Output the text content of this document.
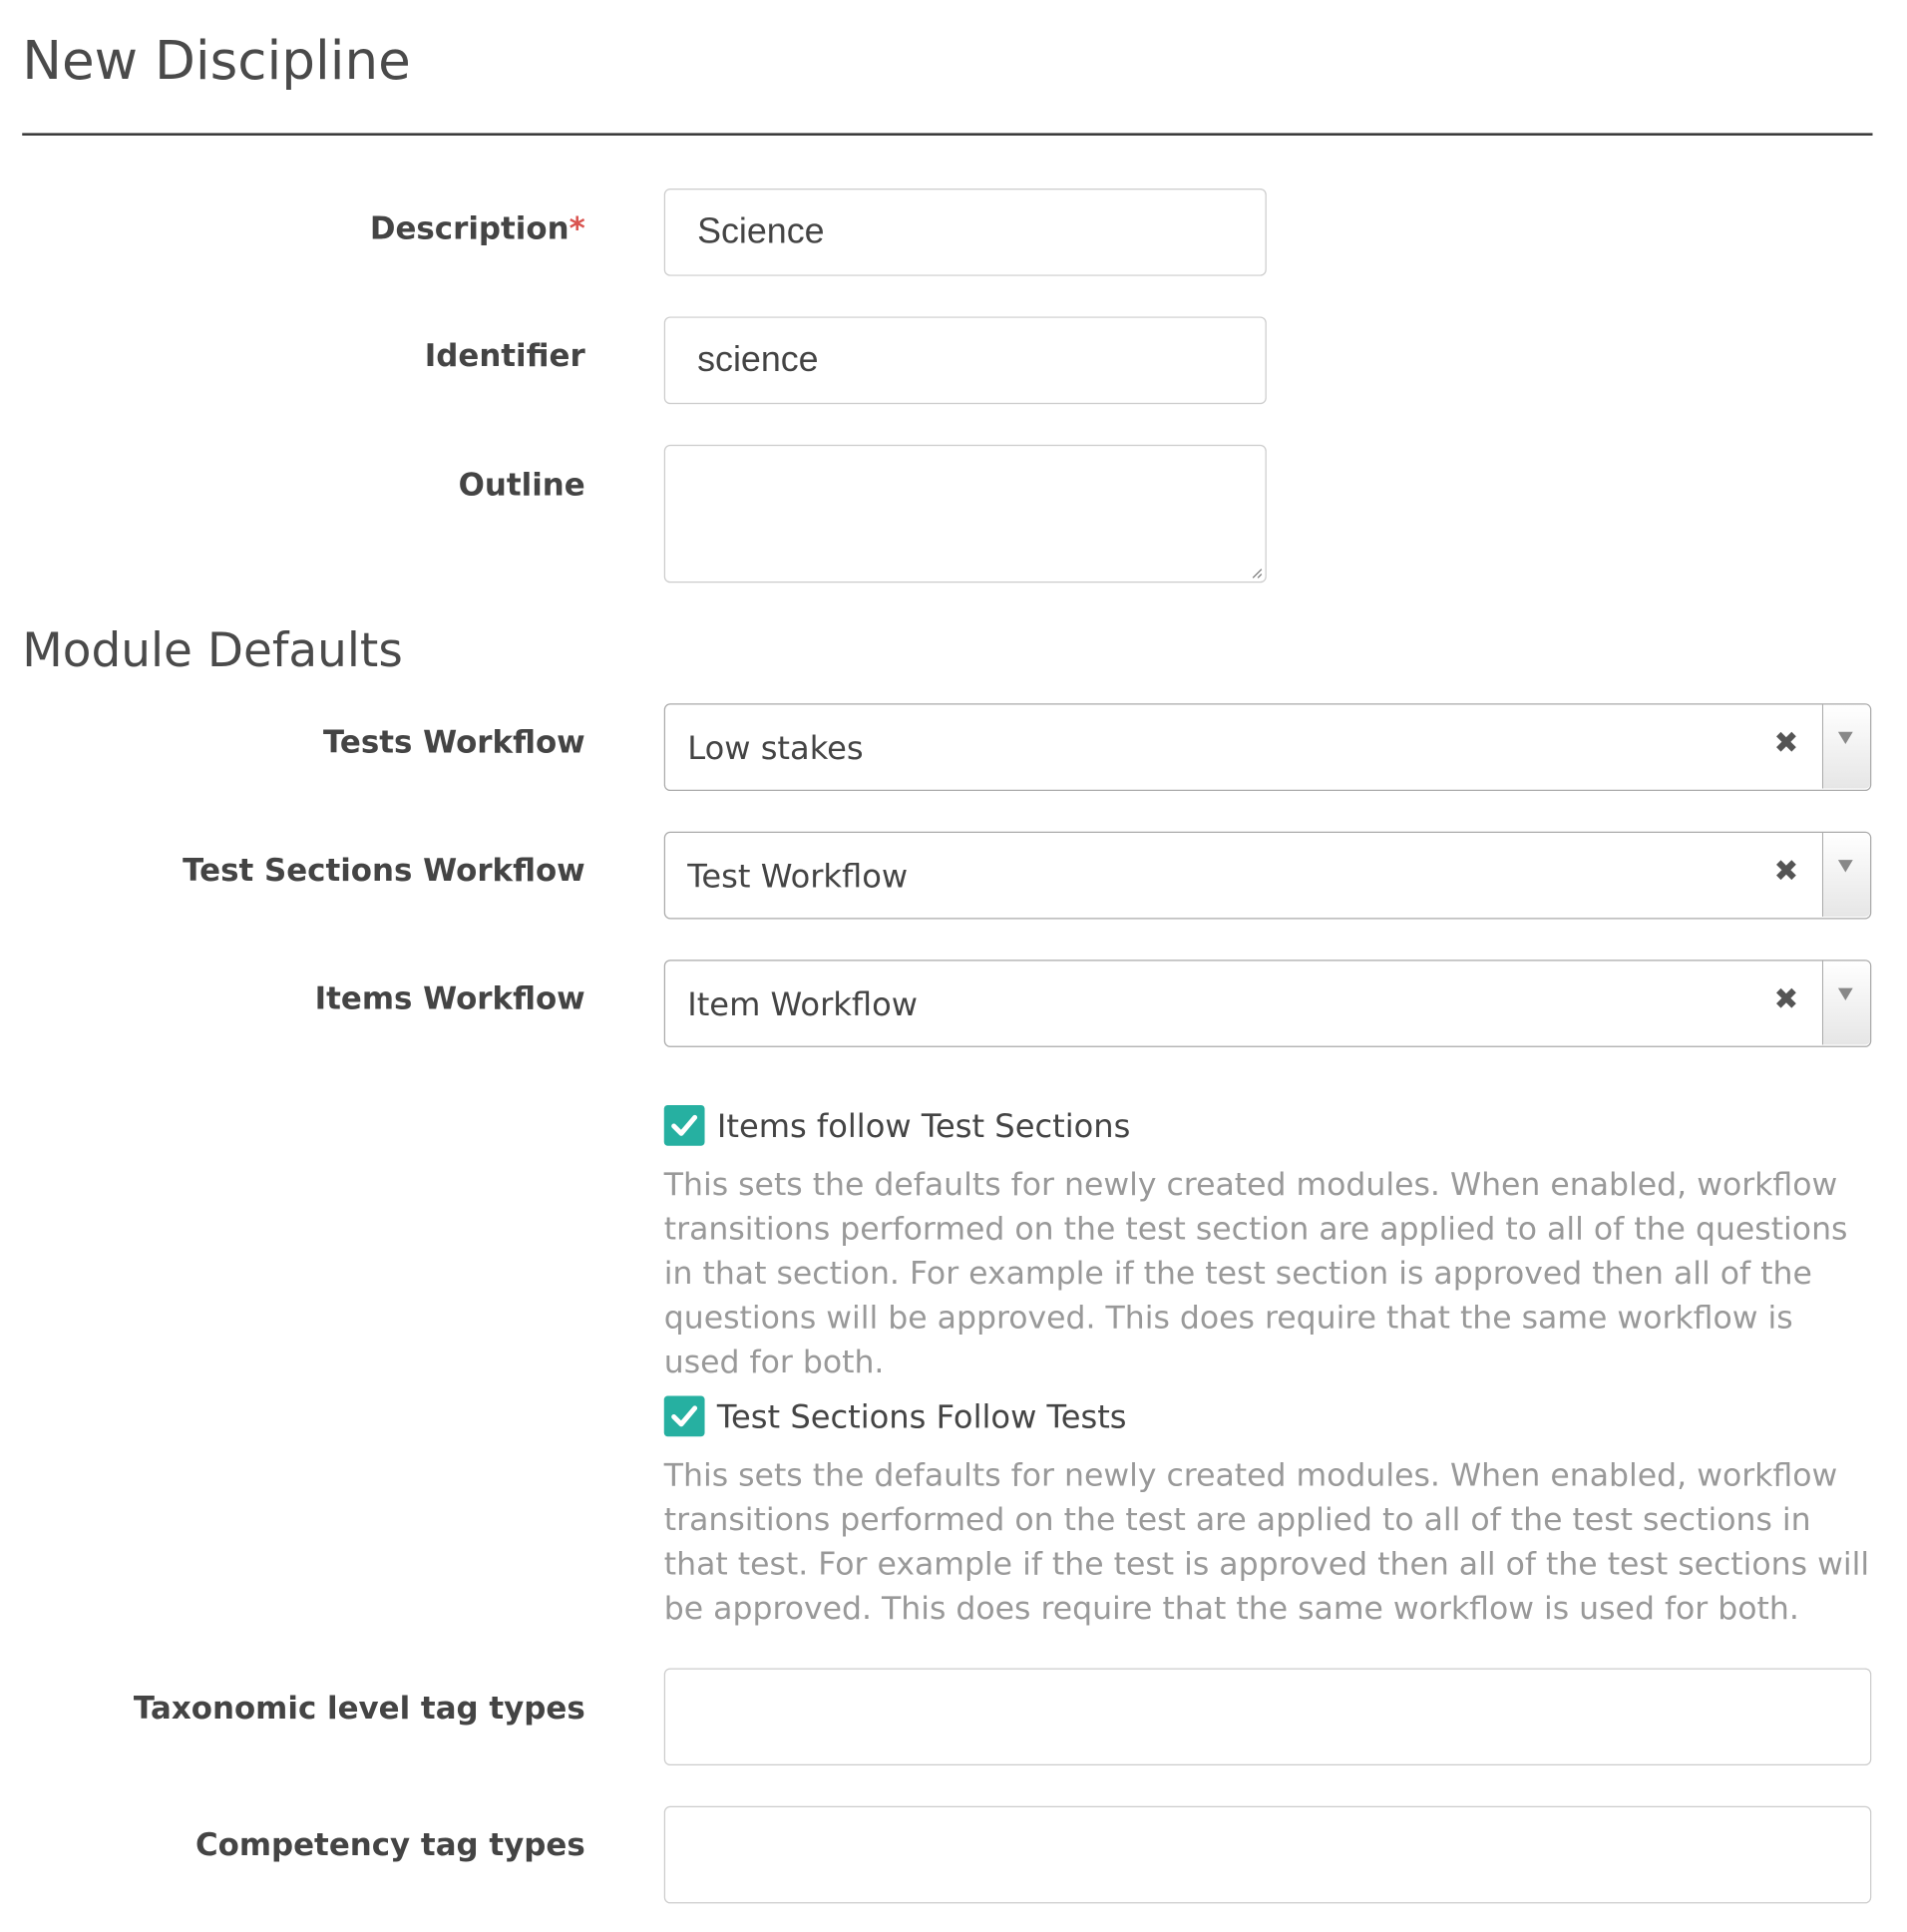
New Discipline
Description*	Science
Identifier	science
Outline
Module Defaults
Tests Workflow	Low stakes	✖
Test Sections Workflow	Test Workflow	✖
Items Workflow	Item Workflow	✖
Items follow Test Sections

This sets the defaults for newly created modules. When enabled, workflow transitions performed on the test section are applied to all of the questions in that section. For example if the test section is approved then all of the questions will be approved. This does require that the same workflow is used for both.

Test Sections Follow Tests

This sets the defaults for newly created modules. When enabled, workflow transitions performed on the test are applied to all of the test sections in that test. For example if the test is approved then all of the test sections will be approved. This does require that the same workflow is used for both.

Taxonomic level tag types
Competency tag types
